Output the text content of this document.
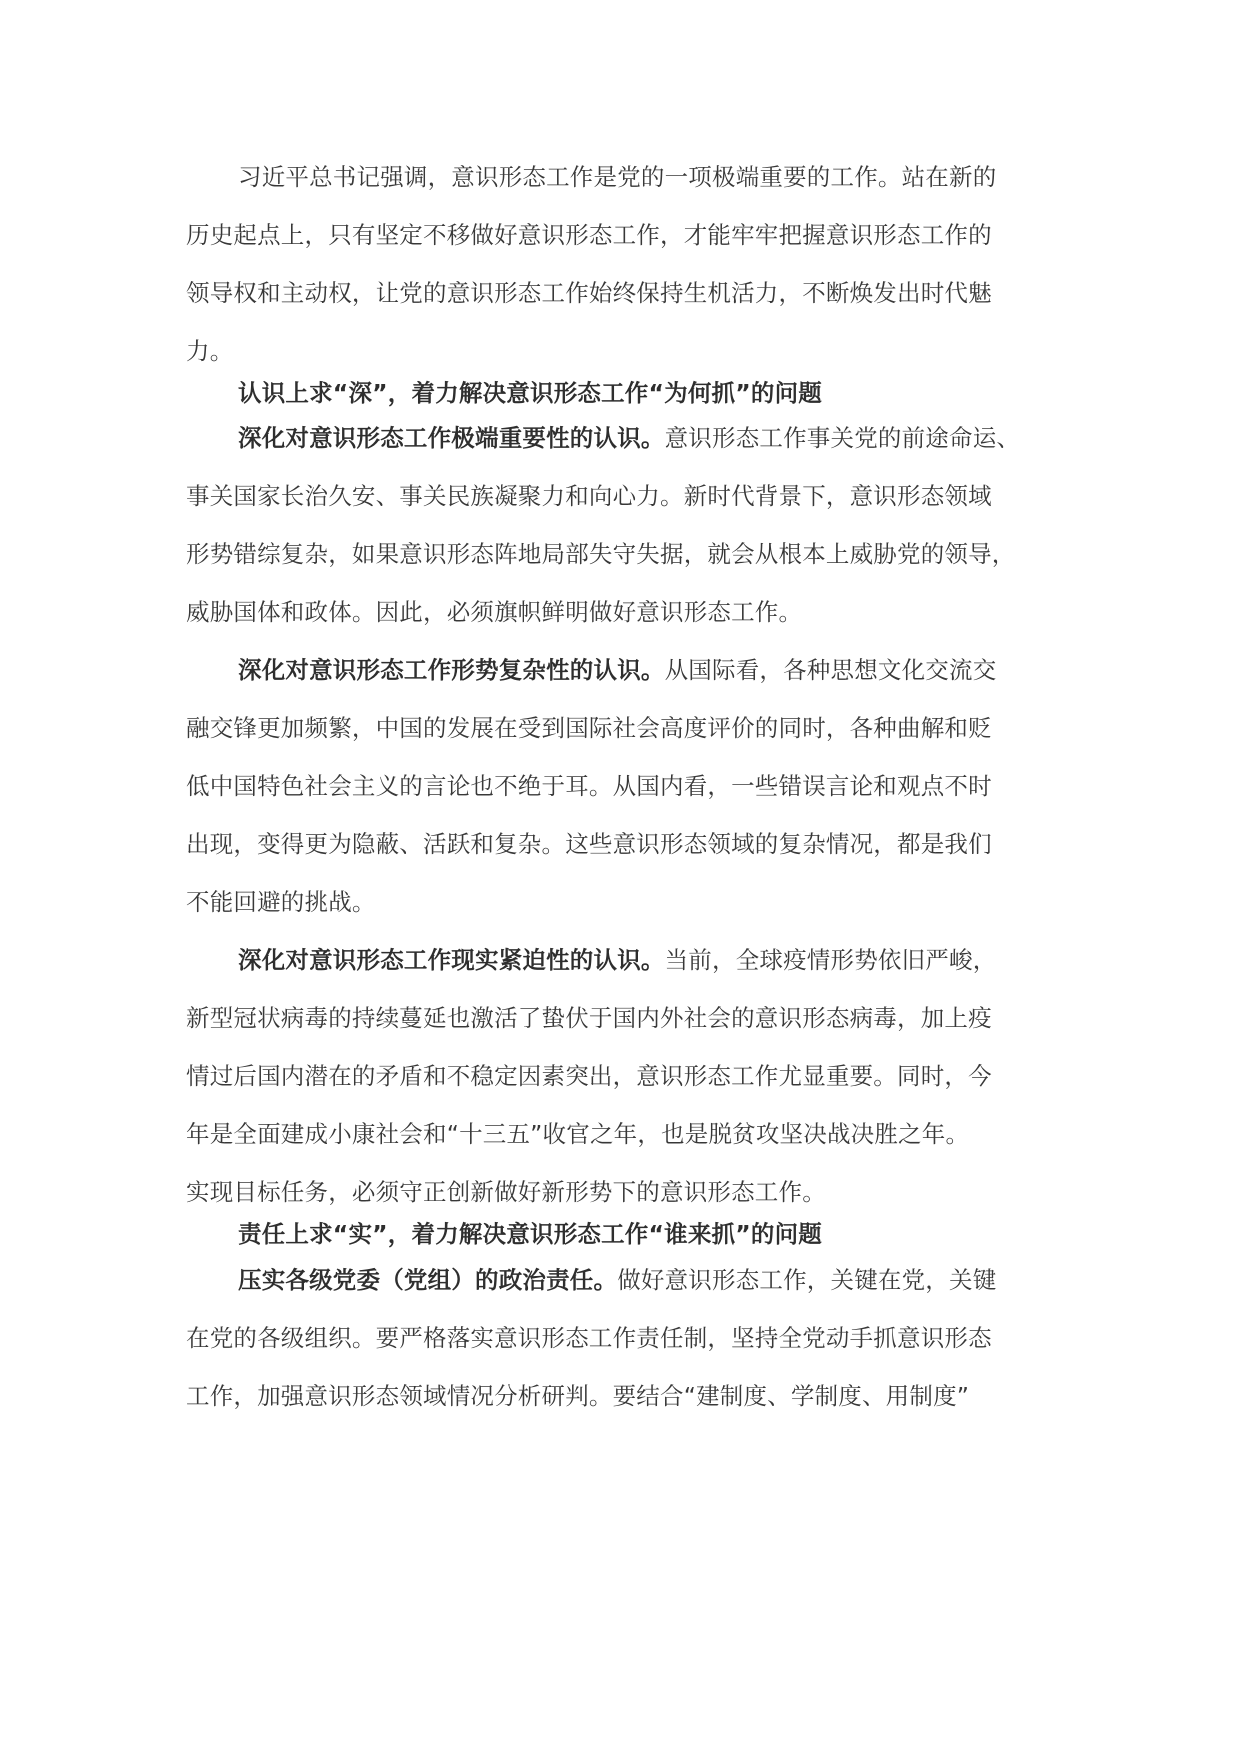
习近平总书记强调，意识形态工作是党的一项极端重要的工作。站在新的
历史起点上，只有坚定不移做好意识形态工作，才能牢牢把握意识形态工作的
领导权和主动权，让党的意识形态工作始终保持生机活力，不断焕发出时代魅
力。
认识上求“深”，着力解决意识形态工作“为何抓”的问题
深化对意识形态工作极端重要性的认识。意识形态工作事关党的前途命运、
事关国家长治久安、事关民族凝聚力和向心力。新时代背景下，意识形态领域
形势错综复杂，如果意识形态阵地局部失守失据，就会从根本上威胁党的领导，
威胁国体和政体。因此，必须旗帜鲜明做好意识形态工作。
深化对意识形态工作形势复杂性的认识。从国际看，各种思想文化交流交
融交锋更加频繁，中国的发展在受到国际社会高度评价的同时，各种曲解和贬
低中国特色社会主义的言论也不绝于耳。从国内看，一些错误言论和观点不时
出现，变得更为隐蔽、活跃和复杂。这些意识形态领域的复杂情况，都是我们
不能回避的挑战。
深化对意识形态工作现实紧迫性的认识。当前，全球疫情形势依旧严峻，
新型冠状病毒的持续蔓延也激活了蛰伏于国内外社会的意识形态病毒，加上疫
情过后国内潜在的矛盾和不稳定因素突出，意识形态工作尤显重要。同时，今
年是全面建成小康社会和“十三五”收官之年，也是脱贫攻坚决战决胜之年。
实现目标任务，必须守正创新做好新形势下的意识形态工作。
责任上求“实”，着力解决意识形态工作“谁来抓”的问题
压实各级党委（党组）的政治责任。做好意识形态工作，关键在党，关键
在党的各级组织。要严格落实意识形态工作责任制，坚持全党动手抓意识形态
工作，加强意识形态领域情况分析研判。要结合“建制度、学制度、用制度”
